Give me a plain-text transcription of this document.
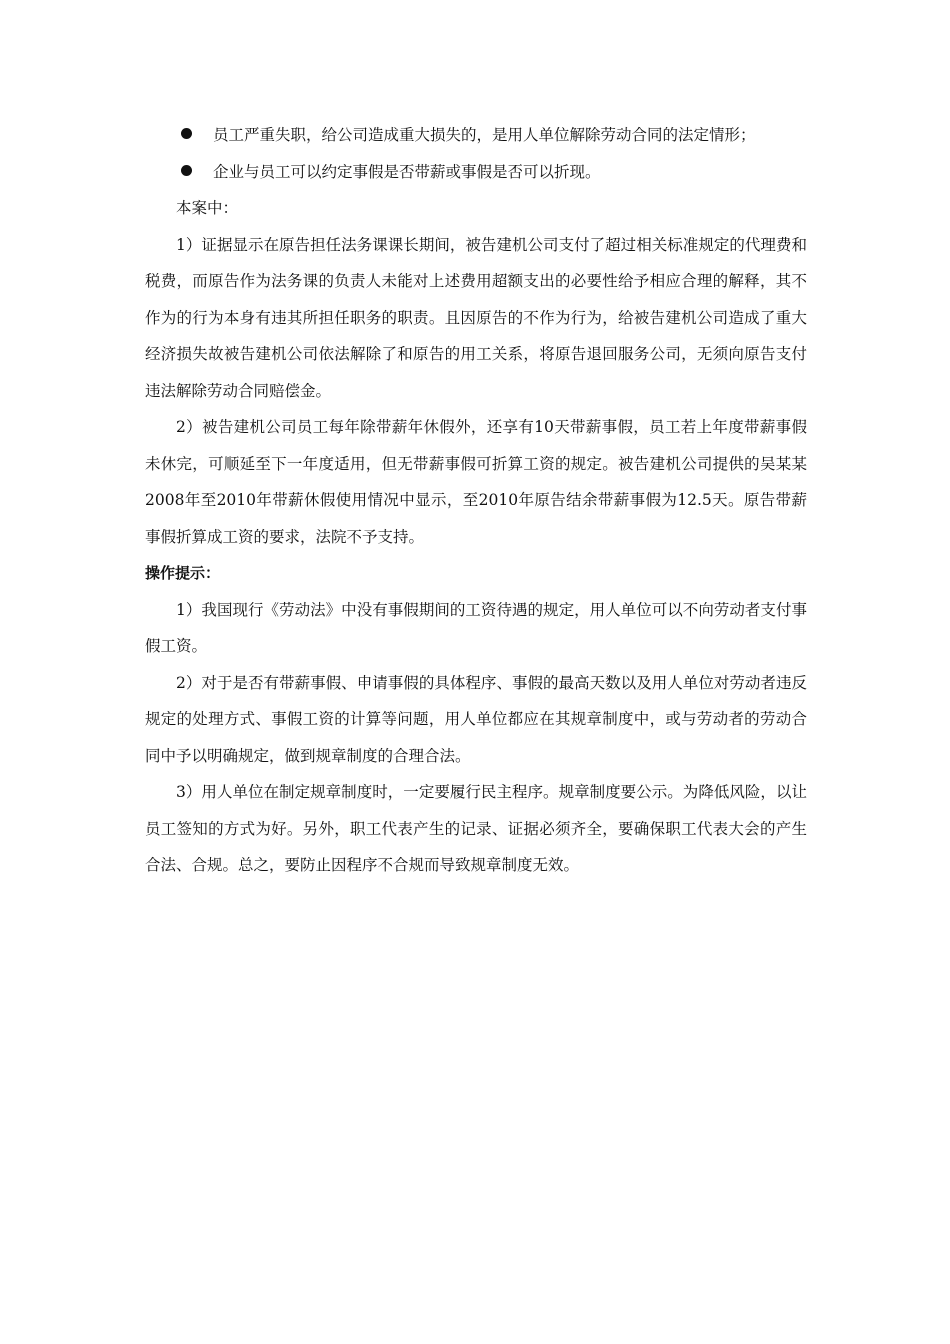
员工严重失职，给公司造成重大损失的，是用人单位解除劳动合同的法定情形；
企业与员工可以约定事假是否带薪或事假是否可以折现。

本案中：

1）证据显示在原告担任法务课课长期间，被告建机公司支付了超过相关标准规定的代理费和税费，而原告作为法务课的负责人未能对上述费用超额支出的必要性给予相应合理的解释，其不作为的行为本身有违其所担任职务的职责。且因原告的不作为行为，给被告建机公司造成了重大经济损失故被告建机公司依法解除了和原告的用工关系，将原告退回服务公司，无须向原告支付违法解除劳动合同赔偿金。

2）被告建机公司员工每年除带薪年休假外，还享有10天带薪事假，员工若上年度带薪事假未休完，可顺延至下一年度适用，但无带薪事假可折算工资的规定。被告建机公司提供的吴某某2008年至2010年带薪休假使用情况中显示，至2010年原告结余带薪事假为12.5天。原告带薪事假折算成工资的要求，法院不予支持。

操作提示：

1）我国现行《劳动法》中没有事假期间的工资待遇的规定，用人单位可以不向劳动者支付事假工资。

2）对于是否有带薪事假、申请事假的具体程序、事假的最高天数以及用人单位对劳动者违反规定的处理方式、事假工资的计算等问题，用人单位都应在其规章制度中，或与劳动者的劳动合同中予以明确规定，做到规章制度的合理合法。

3）用人单位在制定规章制度时，一定要履行民主程序。规章制度要公示。为降低风险，以让员工签知的方式为好。另外，职工代表产生的记录、证据必须齐全，要确保职工代表大会的产生合法、合规。总之，要防止因程序不合规而导致规章制度无效。
